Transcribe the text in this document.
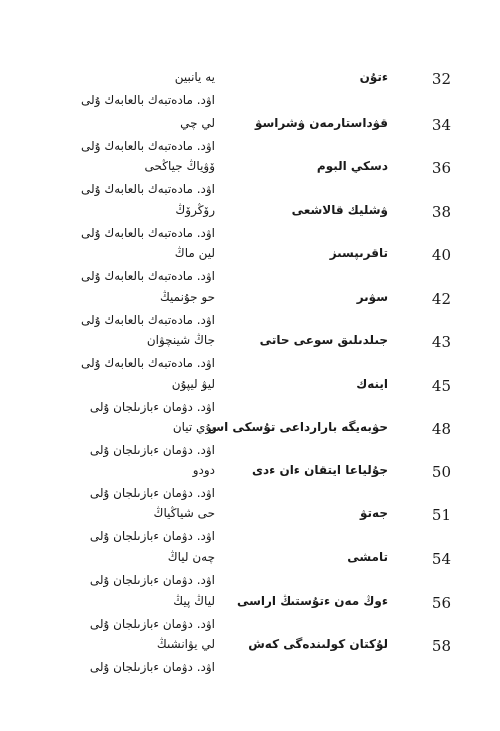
32
ءتۇن
يە يانبين
اۋد. مادەتبەك بالعابەك ۇلى
34
قۋداستارمەن ۋشراسۋ
لي چي
اۋد. مادەتبەك بالعابەك ۇلى
36
دسكي البوم
ۆۋياڭ جياڭحى
اۋد. مادەتبەك بالعابەك ۇلى
38
ۋشليك قالاشعى
رۆڭرۆڭ
اۋد. مادەتبەك بالعابەك ۇلى
40
تاقرىپسىز
لين ماڭ
اۋد. مادەتبەك بالعابەك ۇلى
42
سۋىر
حو جۇنميڭ
اۋد. مادەتبەك بالعابەك ۇلى
43
جىلدىلىق سوعى حاتى
جاڭ شينچۋان
اۋد. مادەتبەك بالعابەك ۇلى
45
اينەك
ليۋ ليپۇن
اۋد. دۋمان ءبازىلجان ۇلى
48
حۋبەيگە بارارداعى تۇسكى اس
يۇي تيان
اۋد. دۋمان ءبازىلجان ۇلى
50
جۇلياعا ايتقان ءان ءدى
دودو
اۋد. دۋمان ءبازىلجان ۇلى
51
جەتۋ
حى شياڭياڭ
اۋد. دۋمان ءبازىلجان ۇلى
54
تامشى
چەن لياڭ
اۋد. دۋمان ءبازىلجان ۇلى
56
ءوڭ مەن ءتۇستىڭ اراسى
لياڭ پيڭ
اۋد. دۋمان ءبازىلجان ۇلى
58
لۇكتان كولىندەگى كەش
لي يۋانشىڭ
اۋد. دۋمان ءبازىلجان ۇلى
